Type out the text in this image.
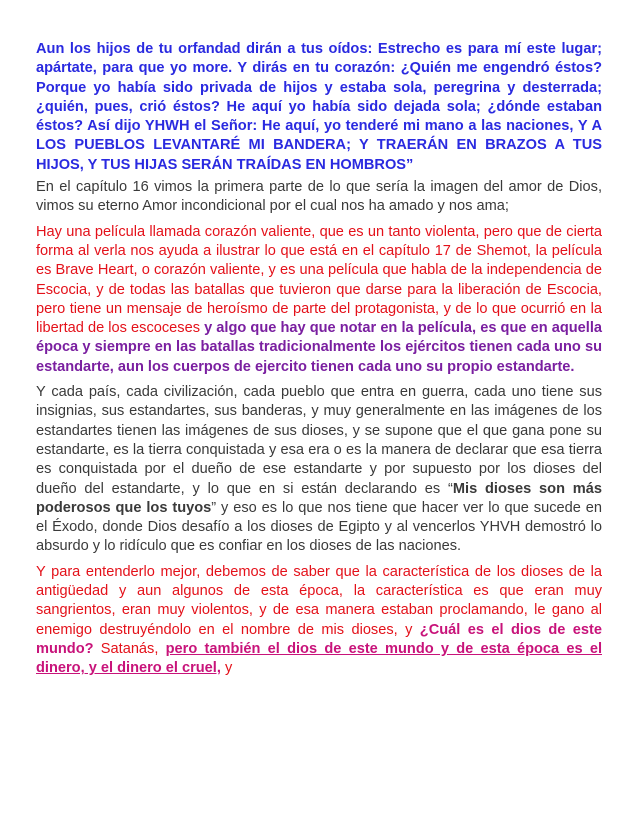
Aun los hijos de tu orfandad dirán a tus oídos: Estrecho es para mí este lugar; apártate, para que yo more. Y dirás en tu corazón: ¿Quién me engendró éstos? Porque yo había sido privada de hijos y estaba sola, peregrina y desterrada; ¿quién, pues, crió éstos? He aquí yo había sido dejada sola; ¿dónde estaban éstos? Así dijo YHWH el Señor: He aquí, yo tenderé mi mano a las naciones, Y A LOS PUEBLOS LEVANTARÉ MI BANDERA; Y TRAERÁN EN BRAZOS A TUS HIJOS, Y TUS HIJAS SERÁN TRAÍDAS EN HOMBROS”

En el capítulo 16 vimos la primera parte de lo que sería la imagen del amor de Dios, vimos su eterno Amor incondicional por el cual nos ha amado y nos ama;

Hay una película llamada corazón valiente, que es un tanto violenta, pero que de cierta forma al verla nos ayuda a ilustrar lo que está en el capítulo 17 de Shemot, la película es Brave Heart, o corazón valiente, y es una película que habla de la independencia de Escocia, y de todas las batallas que tuvieron que darse para la liberación de Escocia, pero tiene un mensaje de heroísmo de parte del protagonista, y de lo que ocurrió en la libertad de los escoceses y algo que hay que notar en la película, es que en aquella época y siempre en las batallas tradicionalmente los ejércitos tienen cada uno su estandarte, aun los cuerpos de ejercito tienen cada uno su propio estandarte.

Y cada país, cada civilización, cada pueblo que entra en guerra, cada uno tiene sus insignias, sus estandartes, sus banderas, y muy generalmente en las imágenes de los estandartes tienen las imágenes de sus dioses, y se supone que el que gana pone su estandarte, es la tierra conquistada y esa era o es la manera de declarar que esa tierra es conquistada por el dueño de ese estandarte y por supuesto por los dioses del dueño del estandarte, y lo que en si están declarando es “Mis dioses son más poderosos que los tuyos” y eso es lo que nos tiene que hacer ver lo que sucede en el Éxodo, donde Dios desafío a los dioses de Egipto y al vencerlos YHVH demostró lo absurdo y lo ridículo que es confiar en los dioses de las naciones.

Y para entenderlo mejor, debemos de saber que la característica de los dioses de la antigüedad y aun algunos de esta época, la característica es que eran muy sangrientos, eran muy violentos, y de esa manera estaban proclamando, le gano al enemigo destruyéndolo en el nombre de mis dioses, y ¿Cuál es el dios de este mundo? Satanás, pero también el dios de este mundo y de esta época es el dinero, y el dinero el cruel, y
